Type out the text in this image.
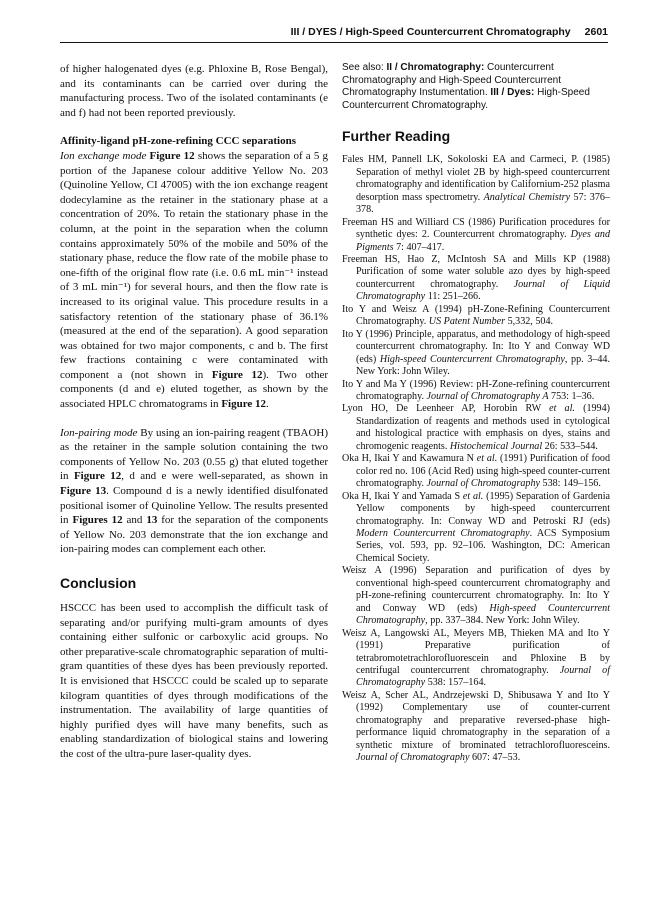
III / DYES / High-Speed Countercurrent Chromatography 2601

of higher halogenated dyes (e.g. Phloxine B, Rose Bengal), and its contaminants can be carried over during the manufacturing process. Two of the isolated contaminants (e and f) had not been reported previously.

Affinity-ligand pH-zone-refining CCC separations
Ion exchange mode Figure 12 shows the separation of a 5 g portion of the Japanese colour additive Yellow No. 203 (Quinoline Yellow, CI 47005) with the ion exchange reagent dodecylamine as the retainer in the stationary phase at a concentration of 20%. To retain the stationary phase in the column, at the point in the separation when the column contains approximately 50% of the mobile and 50% of the stationary phase, reduce the flow rate of the mobile phase to one-fifth of the original flow rate (i.e. 0.6 mL min⁻¹ instead of 3 mL min⁻¹) for several hours, and then the flow rate is increased to its original value. This procedure results in a satisfactory retention of the stationary phase of 36.1% (measured at the end of the separation). A good separation was obtained for two major components, c and b. The first few fractions containing c were contaminated with component a (not shown in Figure 12). Two other components (d and e) eluted together, as shown by the associated HPLC chromatograms in Figure 12.

Ion-pairing mode By using an ion-pairing reagent (TBAOH) as the retainer in the sample solution containing the two components of Yellow No. 203 (0.55 g) that eluted together in Figure 12, d and e were well-separated, as shown in Figure 13. Compound d is a newly identified disulfonated positional isomer of Quinoline Yellow. The results presented in Figures 12 and 13 for the separation of the components of Yellow No. 203 demonstrate that the ion exchange and ion-pairing modes can complement each other.

Conclusion

HSCCC has been used to accomplish the difficult task of separating and/or purifying multi-gram amounts of dyes containing either sulfonic or carboxylic acid groups. No other preparative-scale chromatographic separation of multi-gram quantities of these dyes has been previously reported. It is envisioned that HSCCC could be scaled up to separate kilogram quantities of dyes through modifications of the instrumentation. The availability of large quantities of highly purified dyes will have many benefits, such as enabling standardization of biological stains and lowering the cost of the ultra-pure laser-quality dyes.

See also: II / Chromatography: Countercurrent Chromatography and High-Speed Countercurrent Chromatography Instumentation. III / Dyes: High-Speed Countercurrent Chromatography.
Further Reading

Fales HM, Pannell LK, Sokoloski EA and Carmeci, P. (1985) Separation of methyl violet 2B by high-speed countercurrent chromatography and identification by Californium-252 plasma desorption mass spectrometry. Analytical Chemistry 57: 376–378.

Freeman HS and Williard CS (1986) Purification procedures for synthetic dyes: 2. Countercurrent chromatography. Dyes and Pigments 7: 407–417.

Freeman HS, Hao Z, McIntosh SA and Mills KP (1988) Purification of some water soluble azo dyes by high-speed countercurrent chromatography. Journal of Liquid Chromatography 11: 251–266.

Ito Y and Weisz A (1994) pH-Zone-Refining Countercurrent Chromatography. US Patent Number 5,332, 504.

Ito Y (1996) Principle, apparatus, and methodology of high-speed countercurrent chromatography. In: Ito Y and Conway WD (eds) High-speed Countercurrent Chromatography, pp. 3–44. New York: John Wiley.

Ito Y and Ma Y (1996) Review: pH-Zone-refining countercurrent chromatography. Journal of Chromatography A 753: 1–36.

Lyon HO, De Leenheer AP, Horobin RW et al. (1994) Standardization of reagents and methods used in cytological and histological practice with emphasis on dyes, stains and chromogenic reagents. Histochemical Journal 26: 533–544.

Oka H, Ikai Y and Kawamura N et al. (1991) Purification of food color red no. 106 (Acid Red) using high-speed counter-current chromatography. Journal of Chromatography 538: 149–156.

Oka H, Ikai Y and Yamada S et al. (1995) Separation of Gardenia Yellow components by high-speed countercurrent chromatography. In: Conway WD and Petroski RJ (eds) Modern Countercurrent Chromatography. ACS Symposium Series, vol. 593, pp. 92–106. Washington, DC: American Chemical Society.

Weisz A (1996) Separation and purification of dyes by conventional high-speed countercurrent chromatography and pH-zone-refining countercurrent chromatography. In: Ito Y and Conway WD (eds) High-speed Countercurrent Chromatography, pp. 337–384. New York: John Wiley.

Weisz A, Langowski AL, Meyers MB, Thieken MA and Ito Y (1991) Preparative purification of tetrabromotetrachlorofluorescein and Phloxine B by centrifugal countercurrent chromatography. Journal of Chromatography 538: 157–164.

Weisz A, Scher AL, Andrzejewski D, Shibusawa Y and Ito Y (1992) Complementary use of counter-current chromatography and preparative reversed-phase high-performance liquid chromatography in the separation of a synthetic mixture of brominated tetrachlorofluoresceins. Journal of Chromatography 607: 47–53.
